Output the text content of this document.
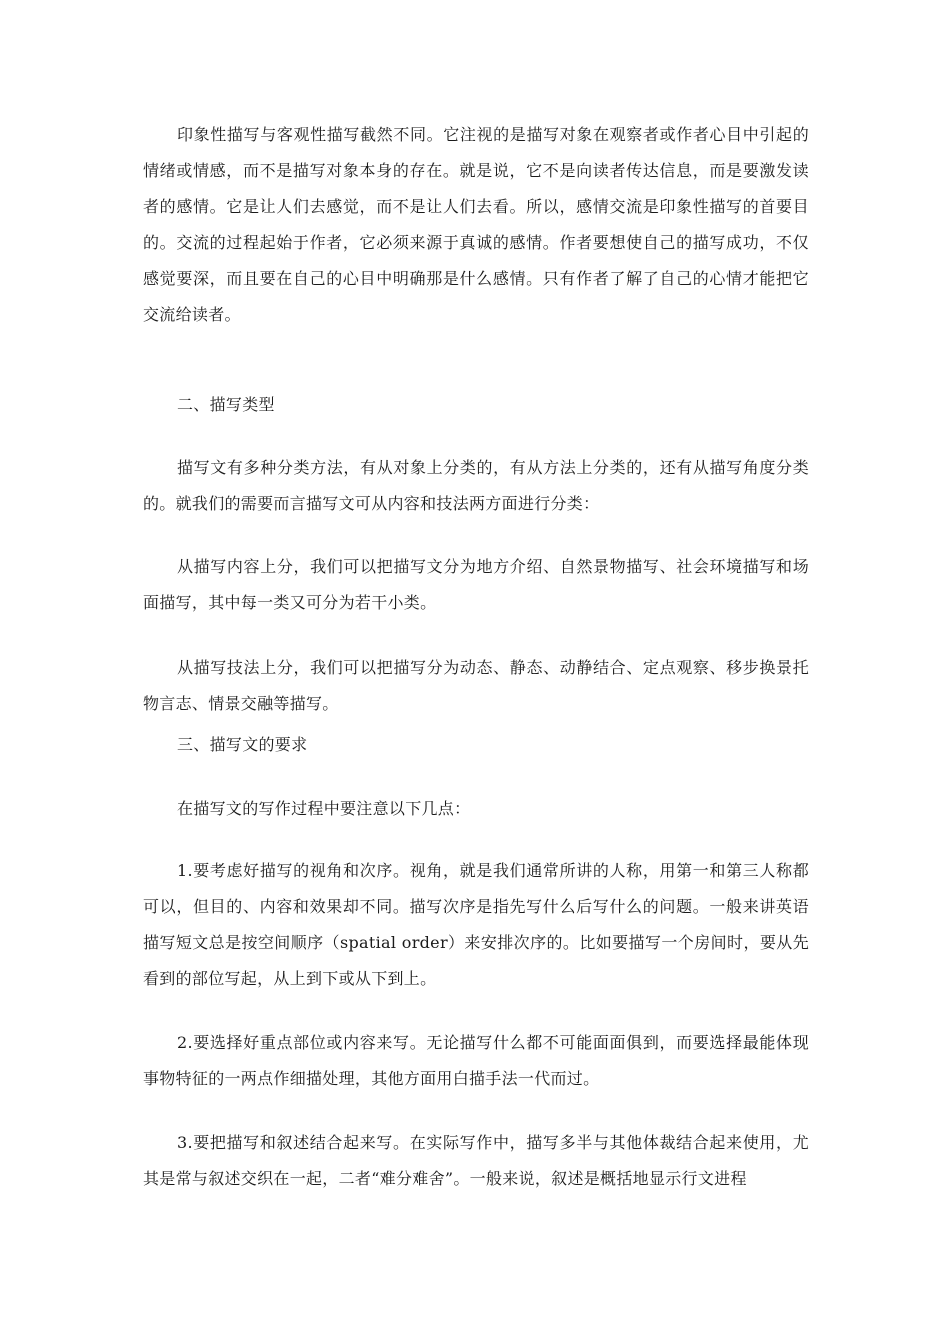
印象性描写与客观性描写截然不同。它注视的是描写对象在观察者或作者心目中引起的情绪或情感，而不是描写对象本身的存在。就是说，它不是向读者传达信息，而是要激发读者的感情。它是让人们去感觉，而不是让人们去看。所以，感情交流是印象性描写的首要目的。交流的过程起始于作者，它必须来源于真诚的感情。作者要想使自己的描写成功，不仅感觉要深，而且要在自己的心目中明确那是什么感情。只有作者了解了自己的心情才能把它交流给读者。

二、描写类型

描写文有多种分类方法，有从对象上分类的，有从方法上分类的，还有从描写角度分类的。就我们的需要而言描写文可从内容和技法两方面进行分类：

从描写内容上分，我们可以把描写文分为地方介绍、自然景物描写、社会环境描写和场面描写，其中每一类又可分为若干小类。

从描写技法上分，我们可以把描写分为动态、静态、动静结合、定点观察、移步换景托物言志、情景交融等描写。

三、描写文的要求

在描写文的写作过程中要注意以下几点：

1.要考虑好描写的视角和次序。视角，就是我们通常所讲的人称，用第一和第三人称都可以，但目的、内容和效果却不同。描写次序是指先写什么后写什么的问题。一般来讲英语描写短文总是按空间顺序（spatial order）来安排次序的。比如要描写一个房间时，要从先看到的部位写起，从上到下或从下到上。

2.要选择好重点部位或内容来写。无论描写什么都不可能面面俱到，而要选择最能体现事物特征的一两点作细描处理，其他方面用白描手法一代而过。

3.要把描写和叙述结合起来写。在实际写作中，描写多半与其他体裁结合起来使用，尤其是常与叙述交织在一起，二者“难分难舍”。一般来说，叙述是概括地显示行文进程
